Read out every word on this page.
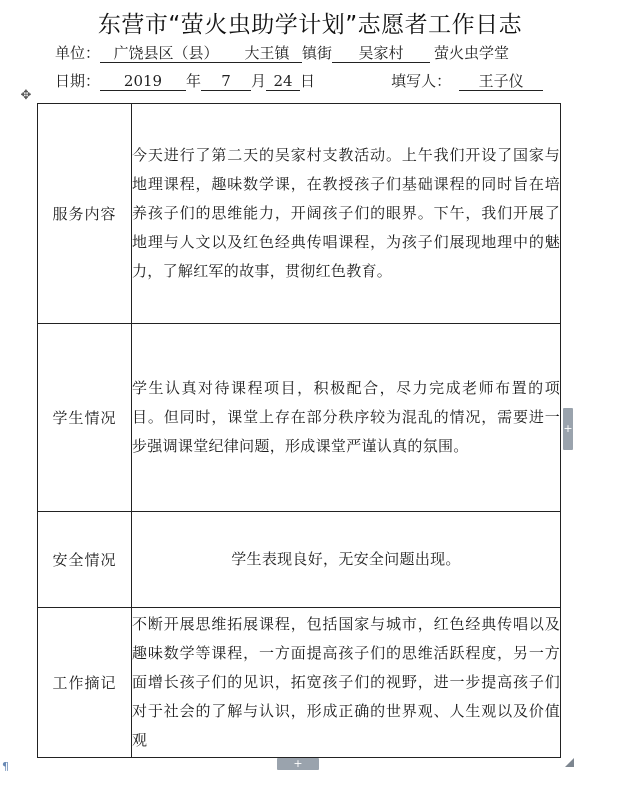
东营市“萤火虫助学计划”志愿者工作日志
单位： 广饶县区（县） 大王镇 镇街 吴家村 萤火虫学堂
日期： 2019 年 7 月 24 日	填写人： 王子仪
✥
服务内容	今天进行了第二天的吴家村支教活动。上午我们开设了国家与地理课程，趣味数学课，在教授孩子们基础课程的同时旨在培养孩子们的思维能力，开阔孩子们的眼界。下午，我们开展了地理与人文以及红色经典传唱课程，为孩子们展现地理中的魅力，了解红军的故事，贯彻红色教育。
学生情况	学生认真对待课程项目，积极配合，尽力完成老师布置的项目。但同时，课堂上存在部分秩序较为混乱的情况，需要进一步强调课堂纪律问题，形成课堂严谨认真的氛围。
安全情况	学生表现良好，无安全问题出现。
工作摘记	不断开展思维拓展课程，包括国家与城市，红色经典传唱以及趣味数学等课程，一方面提高孩子们的思维活跃程度，另一方面增长孩子们的见识，拓宽孩子们的视野，进一步提高孩子们对于社会的了解与认识，形成正确的世界观、人生观以及价值观
+
+
¶
